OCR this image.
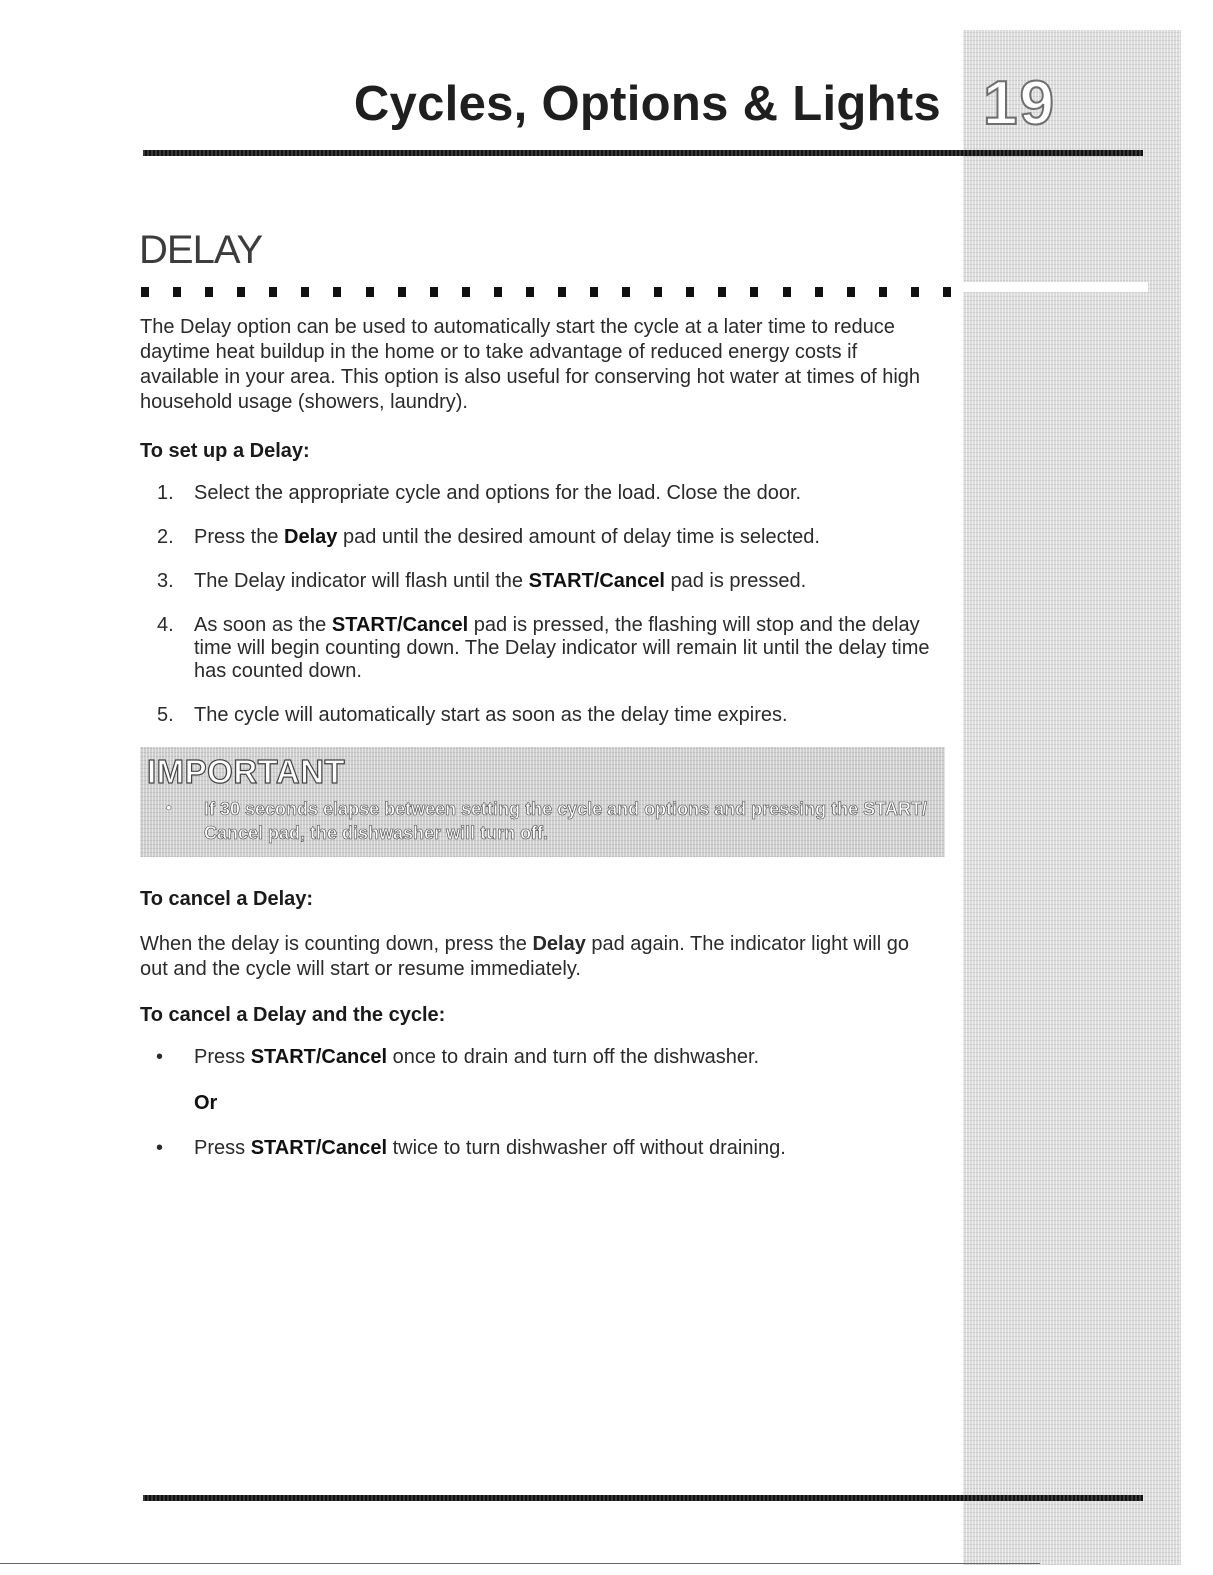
Cycles, Options & Lights 19
DELAY

The Delay option can be used to automatically start the cycle at a later time to reduce daytime heat buildup in the home or to take advantage of reduced energy costs if available in your area. This option is also useful for conserving hot water at times of high household usage (showers, laundry).

To set up a Delay:
1. Select the appropriate cycle and options for the load. Close the door.
2. Press the Delay pad until the desired amount of delay time is selected.
3. The Delay indicator will flash until the START/Cancel pad is pressed.
4. As soon as the START/Cancel pad is pressed, the flashing will stop and the delay time will begin counting down. The Delay indicator will remain lit until the delay time has counted down.
5. The cycle will automatically start as soon as the delay time expires.
IMPORTANT
• If 30 seconds elapse between setting the cycle and options and pressing the START/ Cancel pad, the dishwasher will turn off.

To cancel a Delay:

When the delay is counting down, press the Delay pad again. The indicator light will go out and the cycle will start or resume immediately.

To cancel a Delay and the cycle:
• Press START/Cancel once to drain and turn off the dishwasher.
Or
• Press START/Cancel twice to turn dishwasher off without draining.
